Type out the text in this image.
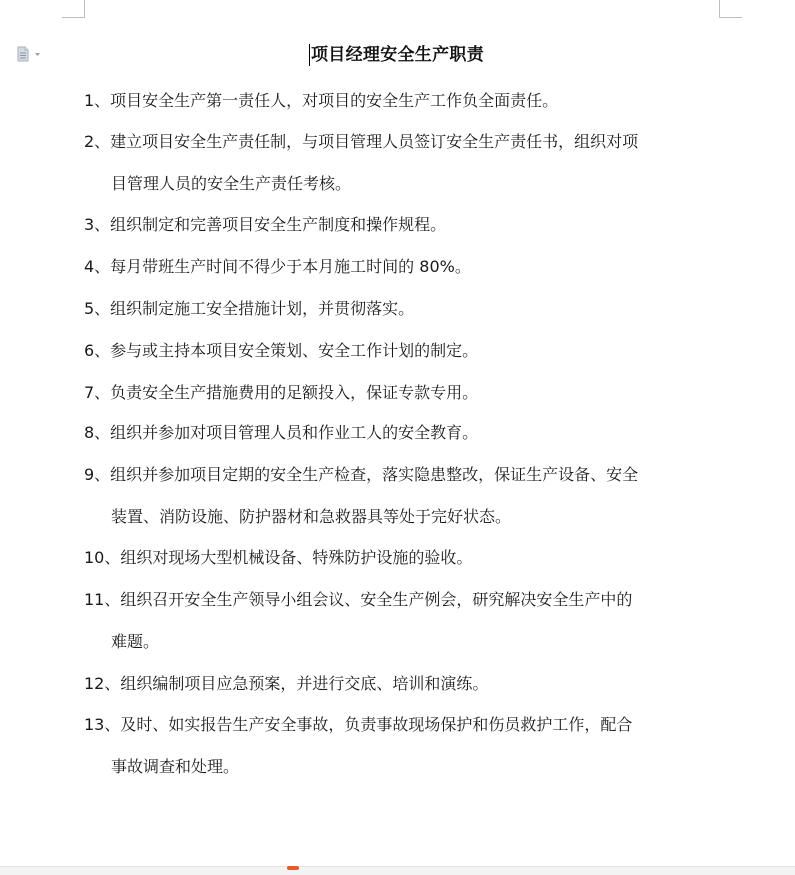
项目经理安全生产职责
1、项目安全生产第一责任人，对项目的安全生产工作负全面责任。
2、建立项目安全生产责任制，与项目管理人员签订安全生产责任书，组织对项
目管理人员的安全生产责任考核。
3、组织制定和完善项目安全生产制度和操作规程。
4、每月带班生产时间不得少于本月施工时间的 80%。
5、组织制定施工安全措施计划，并贯彻落实。
6、参与或主持本项目安全策划、安全工作计划的制定。
7、负责安全生产措施费用的足额投入，保证专款专用。
8、组织并参加对项目管理人员和作业工人的安全教育。
9、组织并参加项目定期的安全生产检查，落实隐患整改，保证生产设备、安全
装置、消防设施、防护器材和急救器具等处于完好状态。
10、组织对现场大型机械设备、特殊防护设施的验收。
11、组织召开安全生产领导小组会议、安全生产例会，研究解决安全生产中的
难题。
12、组织编制项目应急预案，并进行交底、培训和演练。
13、及时、如实报告生产安全事故，负责事故现场保护和伤员救护工作，配合
事故调查和处理。
